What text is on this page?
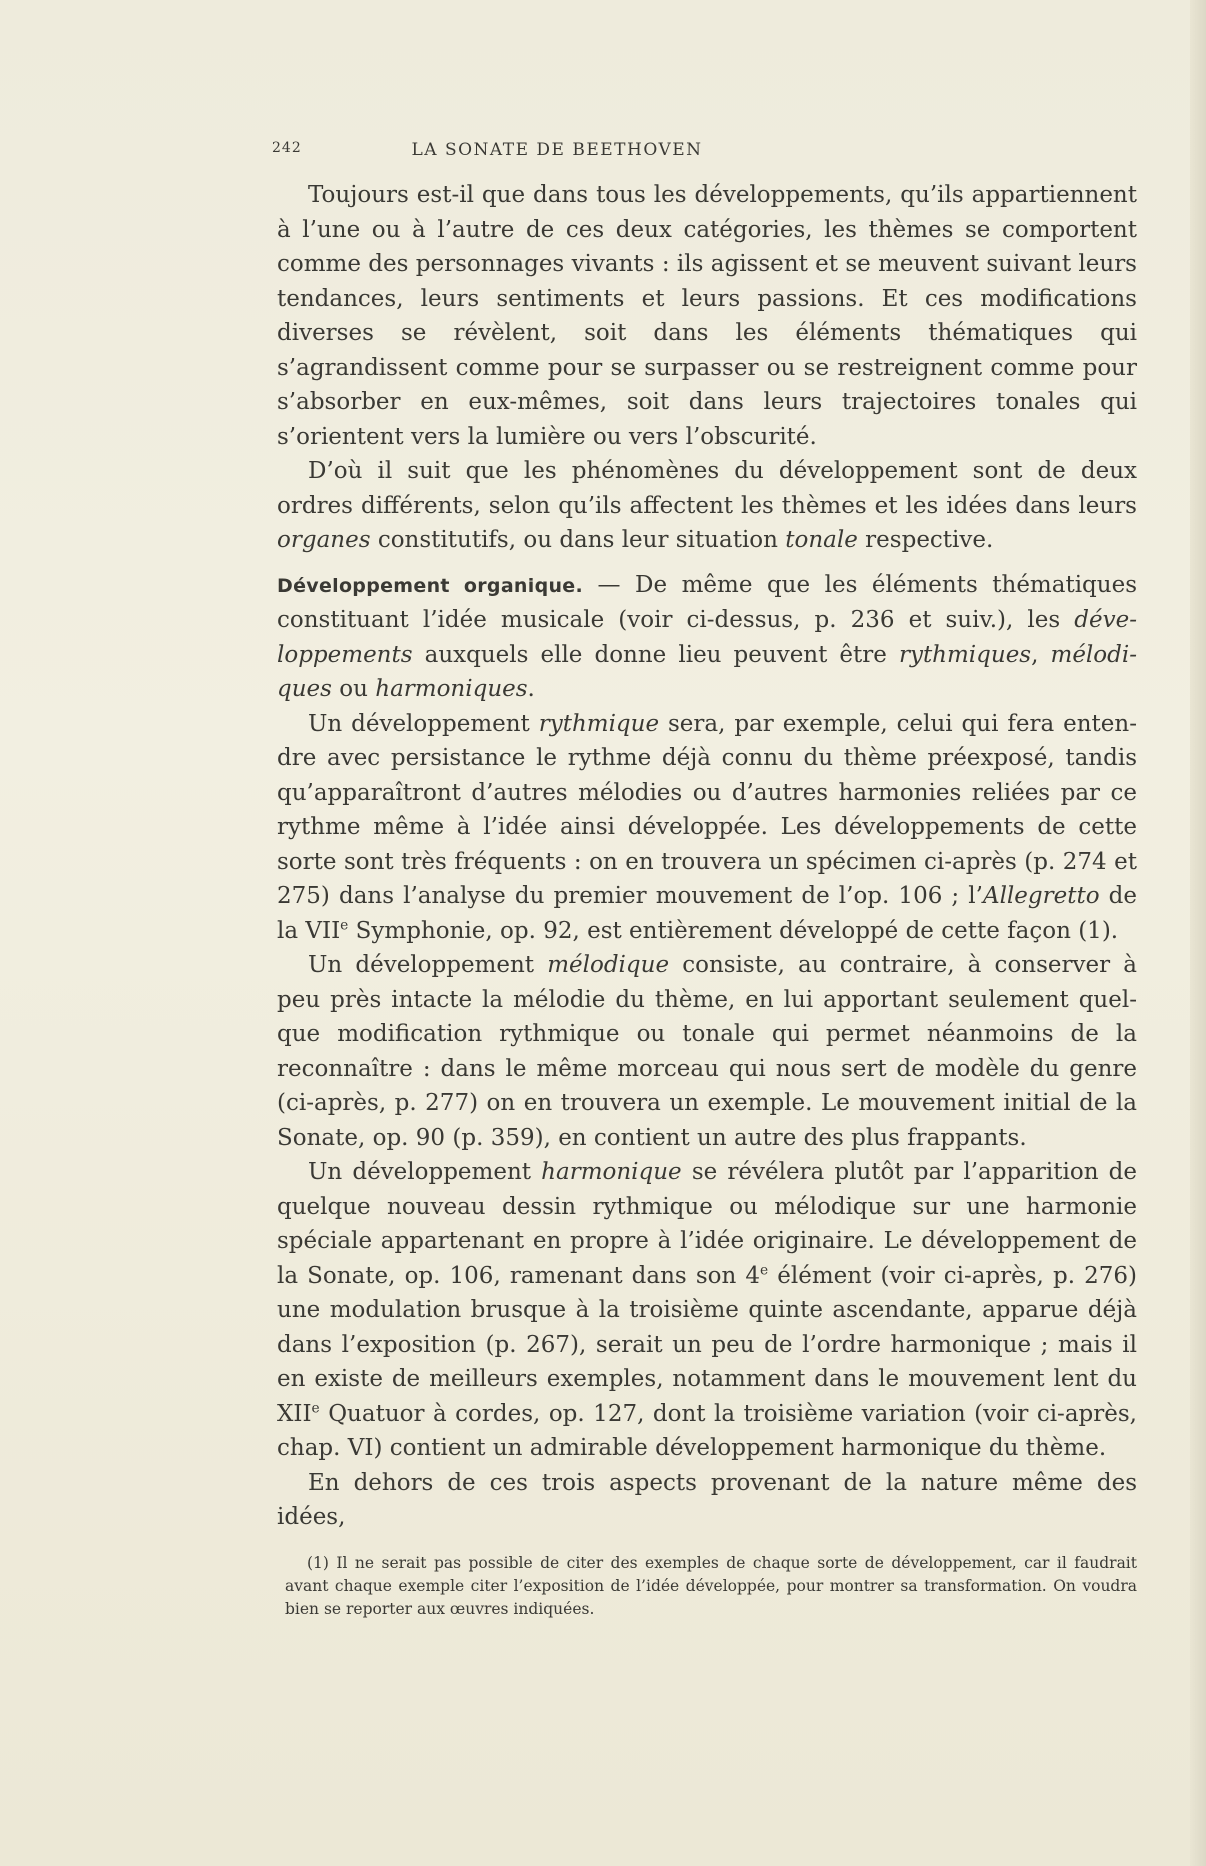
242	LA SONATE DE BEETHOVEN

Toujours est-il que dans tous les développements, qu’ils appartiennent à l’une ou à l’autre de ces deux catégories, les thèmes se comportent comme des personnages vivants : ils agissent et se meuvent suivant leurs tendances, leurs sentiments et leurs passions. Et ces modifications diverses se révèlent, soit dans les éléments thématiques qui s’agrandissent comme pour se surpasser ou se restreignent comme pour s’absorber en eux-mêmes, soit dans leurs trajectoires tonales qui s’orientent vers la lumière ou vers l’obscurité.

D’où il suit que les phénomènes du développement sont de deux ordres différents, selon qu’ils affectent les thèmes et les idées dans leurs organes constitutifs, ou dans leur situation tonale respective.

Développement organique. — De même que les éléments thématiques constituant l’idée musicale (voir ci-dessus, p. 236 et suiv.), les développements auxquels elle donne lieu peuvent être rythmiques, mélodiques ou harmoniques.

Un développement rythmique sera, par exemple, celui qui fera entendre avec persistance le rythme déjà connu du thème préexposé, tandis qu’apparaîtront d’autres mélodies ou d’autres harmonies reliées par ce rythme même à l’idée ainsi développée. Les développements de cette sorte sont très fréquents : on en trouvera un spécimen ci-après (p. 274 et 275) dans l’analyse du premier mouvement de l’op. 106 ; l’Allegretto de la VIIe Symphonie, op. 92, est entièrement développé de cette façon (1).

Un développement mélodique consiste, au contraire, à conserver à peu près intacte la mélodie du thème, en lui apportant seulement quelque modification rythmique ou tonale qui permet néanmoins de la reconnaître : dans le même morceau qui nous sert de modèle du genre (ci-après, p. 277) on en trouvera un exemple. Le mouvement initial de la Sonate, op. 90 (p. 359), en contient un autre des plus frappants.

Un développement harmonique se révélera plutôt par l’apparition de quelque nouveau dessin rythmique ou mélodique sur une harmonie spéciale appartenant en propre à l’idée originaire. Le développement de la Sonate, op. 106, ramenant dans son 4e élément (voir ci-après, p. 276) une modulation brusque à la troisième quinte ascendante, apparue déjà dans l’exposition (p. 267), serait un peu de l’ordre harmonique ; mais il en existe de meilleurs exemples, notamment dans le mouvement lent du XIIe Quatuor à cordes, op. 127, dont la troisième variation (voir ci-après, chap. VI) contient un admirable développement harmonique du thème.

En dehors de ces trois aspects provenant de la nature même des idées,

(1) Il ne serait pas possible de citer des exemples de chaque sorte de développement, car il faudrait avant chaque exemple citer l’exposition de l’idée développée, pour montrer sa transformation. On voudra bien se reporter aux œuvres indiquées.
